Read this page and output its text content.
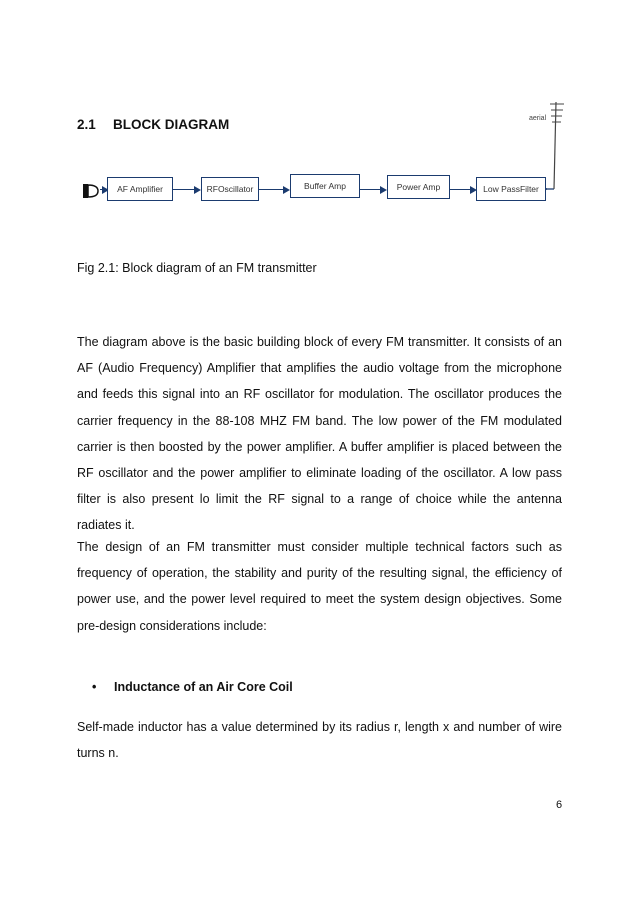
2.1 BLOCK DIAGRAM
AF Amplifier	RFOscillator	Buffer Amp	Power Amp	Low PassFilter
aerial
Fig 2.1: Block diagram of an FM transmitter
The diagram above is the basic building block of every FM transmitter. It consists of an AF (Audio Frequency) Amplifier that amplifies the audio voltage from the microphone and feeds this signal into an RF oscillator for modulation. The oscillator produces the carrier frequency in the 88-108 MHZ FM band. The low power of the FM modulated carrier is then boosted by the power amplifier. A buffer amplifier is placed between the RF oscillator and the power amplifier to eliminate loading of the oscillator. A low pass filter is also present lo limit the RF signal to a range of choice while the antenna radiates it.
The design of an FM transmitter must consider multiple technical factors such as frequency of operation, the stability and purity of the resulting signal, the efficiency of power use, and the power level required to meet the system design objectives. Some pre-design considerations include:
• Inductance of an Air Core Coil
Self-made inductor has a value determined by its radius r, length x and number of wire turns n.
6
